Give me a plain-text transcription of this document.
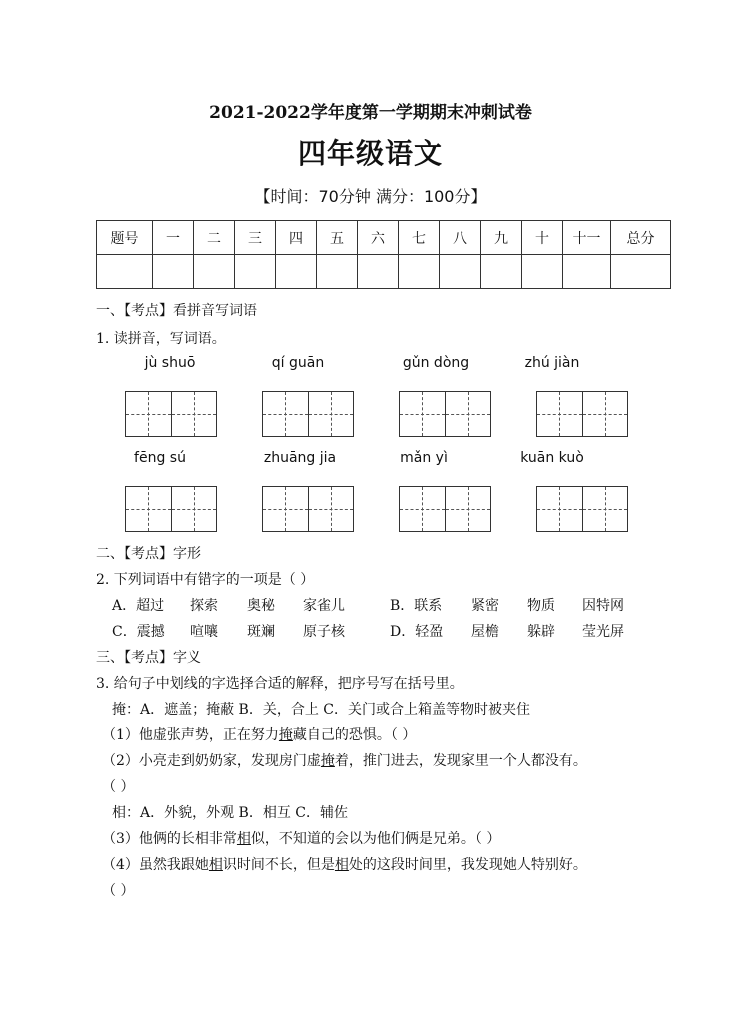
2021-2022学年度第一学期期末冲刺试卷
四年级语文
【时间：70分钟 满分：100分】
题号	一	二	三	四	五	六	七	八	九	十	十一	总分

一、【考点】看拼音写词语
1. 读拼音，写词语。
jù shuō	qí guān	gǔn dòng	zhú jiàn
fēng sú	zhuāng jia	mǎn yì	kuān kuò
二、【考点】字形
2. 下列词语中有错字的一项是（ ）
A．超过 探索 奥秘 家雀儿	B．联系 紧密 物质 因特网
C．震撼 喧嚷 斑斓 原子核	D．轻盈 屋檐 躲辟 莹光屏
三、【考点】字义
3. 给句子中划线的字选择合适的解释，把序号写在括号里。
掩：A．遮盖；掩蔽 B．关，合上 C．关门或合上箱盖等物时被夹住
（1）他虚张声势，正在努力掩藏自己的恐惧。（ ）
（2）小亮走到奶奶家，发现房门虚掩着，推门进去，发现家里一个人都没有。
（ ）
相：A．外貌，外观 B．相互 C．辅佐
（3）他俩的长相非常相似，不知道的会以为他们俩是兄弟。（ ）
（4）虽然我跟她相识时间不长，但是相处的这段时间里，我发现她人特别好。
（ ）
